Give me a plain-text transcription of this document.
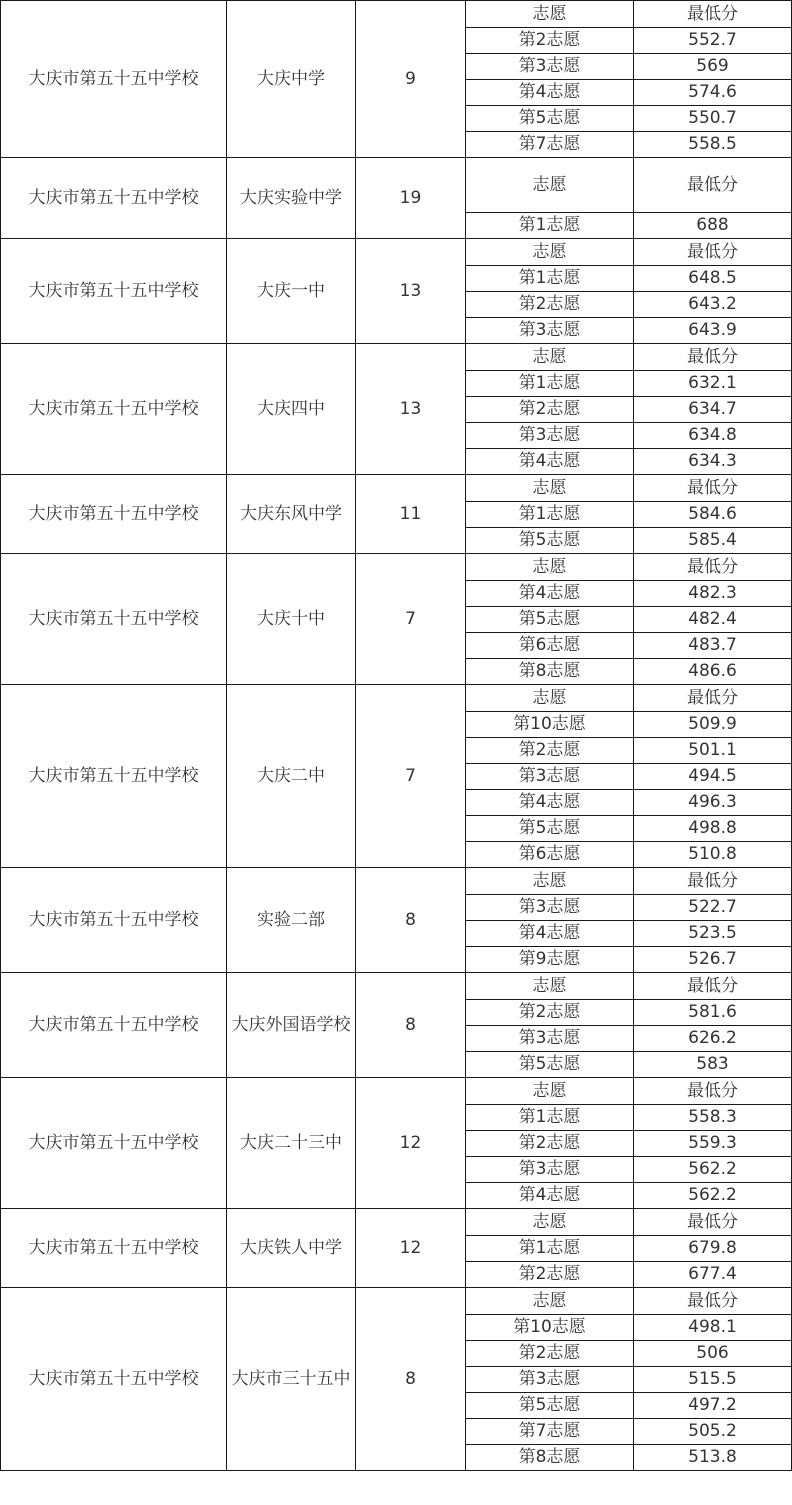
大庆市第五十五中学校	大庆中学	9	志愿	最低分
			第2志愿	552.7
			第3志愿	569
			第4志愿	574.6
			第5志愿	550.7
			第7志愿	558.5
大庆市第五十五中学校	大庆实验中学	19	志愿	最低分
			第1志愿	688
大庆市第五十五中学校	大庆一中	13	志愿	最低分
			第1志愿	648.5
			第2志愿	643.2
			第3志愿	643.9
大庆市第五十五中学校	大庆四中	13	志愿	最低分
			第1志愿	632.1
			第2志愿	634.7
			第3志愿	634.8
			第4志愿	634.3
大庆市第五十五中学校	大庆东风中学	11	志愿	最低分
			第1志愿	584.6
			第5志愿	585.4
大庆市第五十五中学校	大庆十中	7	志愿	最低分
			第4志愿	482.3
			第5志愿	482.4
			第6志愿	483.7
			第8志愿	486.6
大庆市第五十五中学校	大庆二中	7	志愿	最低分
			第10志愿	509.9
			第2志愿	501.1
			第3志愿	494.5
			第4志愿	496.3
			第5志愿	498.8
			第6志愿	510.8
大庆市第五十五中学校	实验二部	8	志愿	最低分
			第3志愿	522.7
			第4志愿	523.5
			第9志愿	526.7
大庆市第五十五中学校	大庆外国语学校	8	志愿	最低分
			第2志愿	581.6
			第3志愿	626.2
			第5志愿	583
大庆市第五十五中学校	大庆二十三中	12	志愿	最低分
			第1志愿	558.3
			第2志愿	559.3
			第3志愿	562.2
			第4志愿	562.2
大庆市第五十五中学校	大庆铁人中学	12	志愿	最低分
			第1志愿	679.8
			第2志愿	677.4
大庆市第五十五中学校	大庆市三十五中	8	志愿	最低分
			第10志愿	498.1
			第2志愿	506
			第3志愿	515.5
			第5志愿	497.2
			第7志愿	505.2
			第8志愿	513.8
